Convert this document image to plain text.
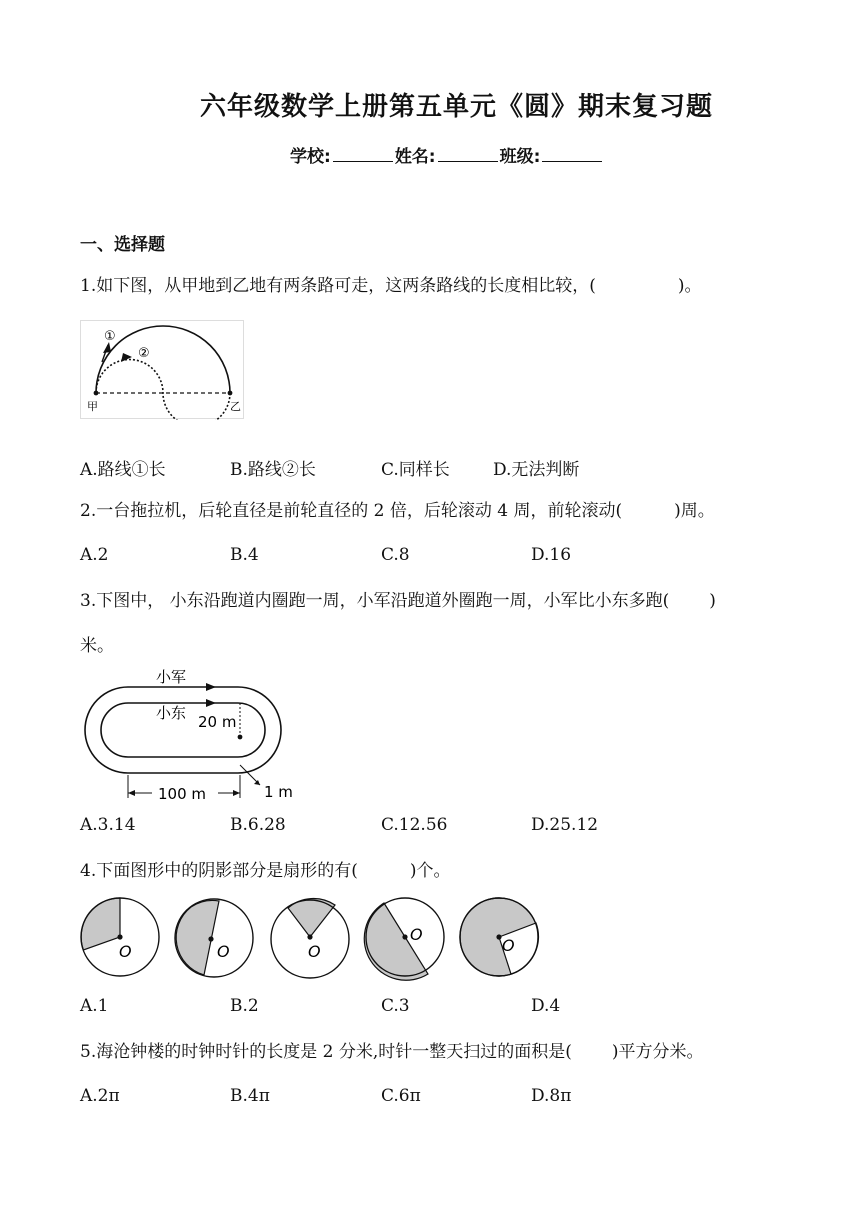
六年级数学上册第五单元《圆》期末复习题
学校:	姓名:	班级:
一、选择题
1.如下图，从甲地到乙地有两条路可走，这两条路线的长度相比较，(	)。
①
②
甲	乙
A.路线①长	B.路线②长	C.同样长	D.无法判断
2.一台拖拉机，后轮直径是前轮直径的 2 倍，后轮滚动 4 周，前轮滚动(	)周。
A.2	B.4	C.8	D.16
3.下图中， 小东沿跑道内圈跑一周，小军沿跑道外圈跑一周，小军比小东多跑( )
米。
小军
小东 20 m
100 m	1 m
A.3.14	B.6.28	C.12.56	D.25.12
4.下面图形中的阴影部分是扇形的有(	)个。
O	O	O
O
O
A.1	B.2	C.3	D.4
5.海沧钟楼的时钟时针的长度是 2 分米,时针一整天扫过的面积是( )平方分米。
A.2π	B.4π	C.6π	D.8π
